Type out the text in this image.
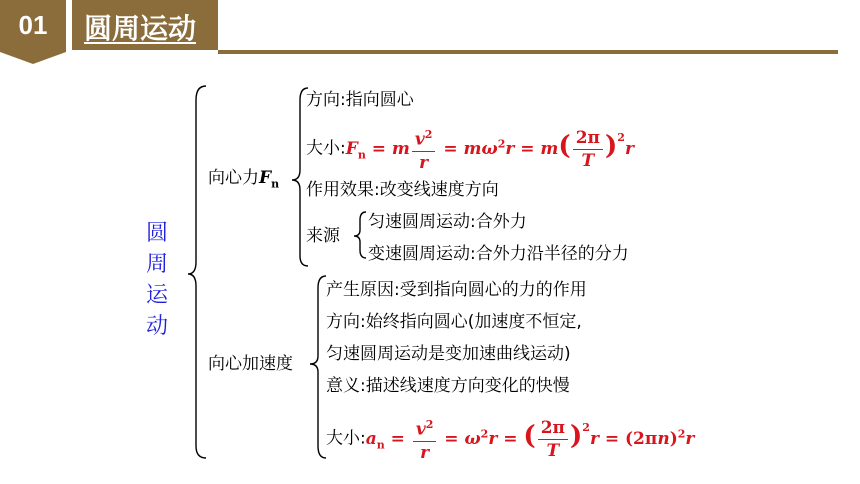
01	圆周运动
圆
周
运
动
向心力$F_n$
方向:指向圆心
大小$:F_n = m \frac{v^2}{r} = m\omega^2r = m( \frac{2\pi}{T} )^2r$
作用效果:改变线速度方向
来源
匀速圆周运动:合外力
变速圆周运动:合外力沿半径的分力
向心加速度
产生原因:受到指向圆心的力的作用
方向:始终指向圆心(加速度不恒定,
匀速圆周运动是变加速曲线运动)
意义:描述线速度方向变化的快慢
大小$:a_n = \frac{v^2}{r} = \omega^2r$ = ( $\frac{2\pi}{T} )^2r = (2\pi n)^2r$
